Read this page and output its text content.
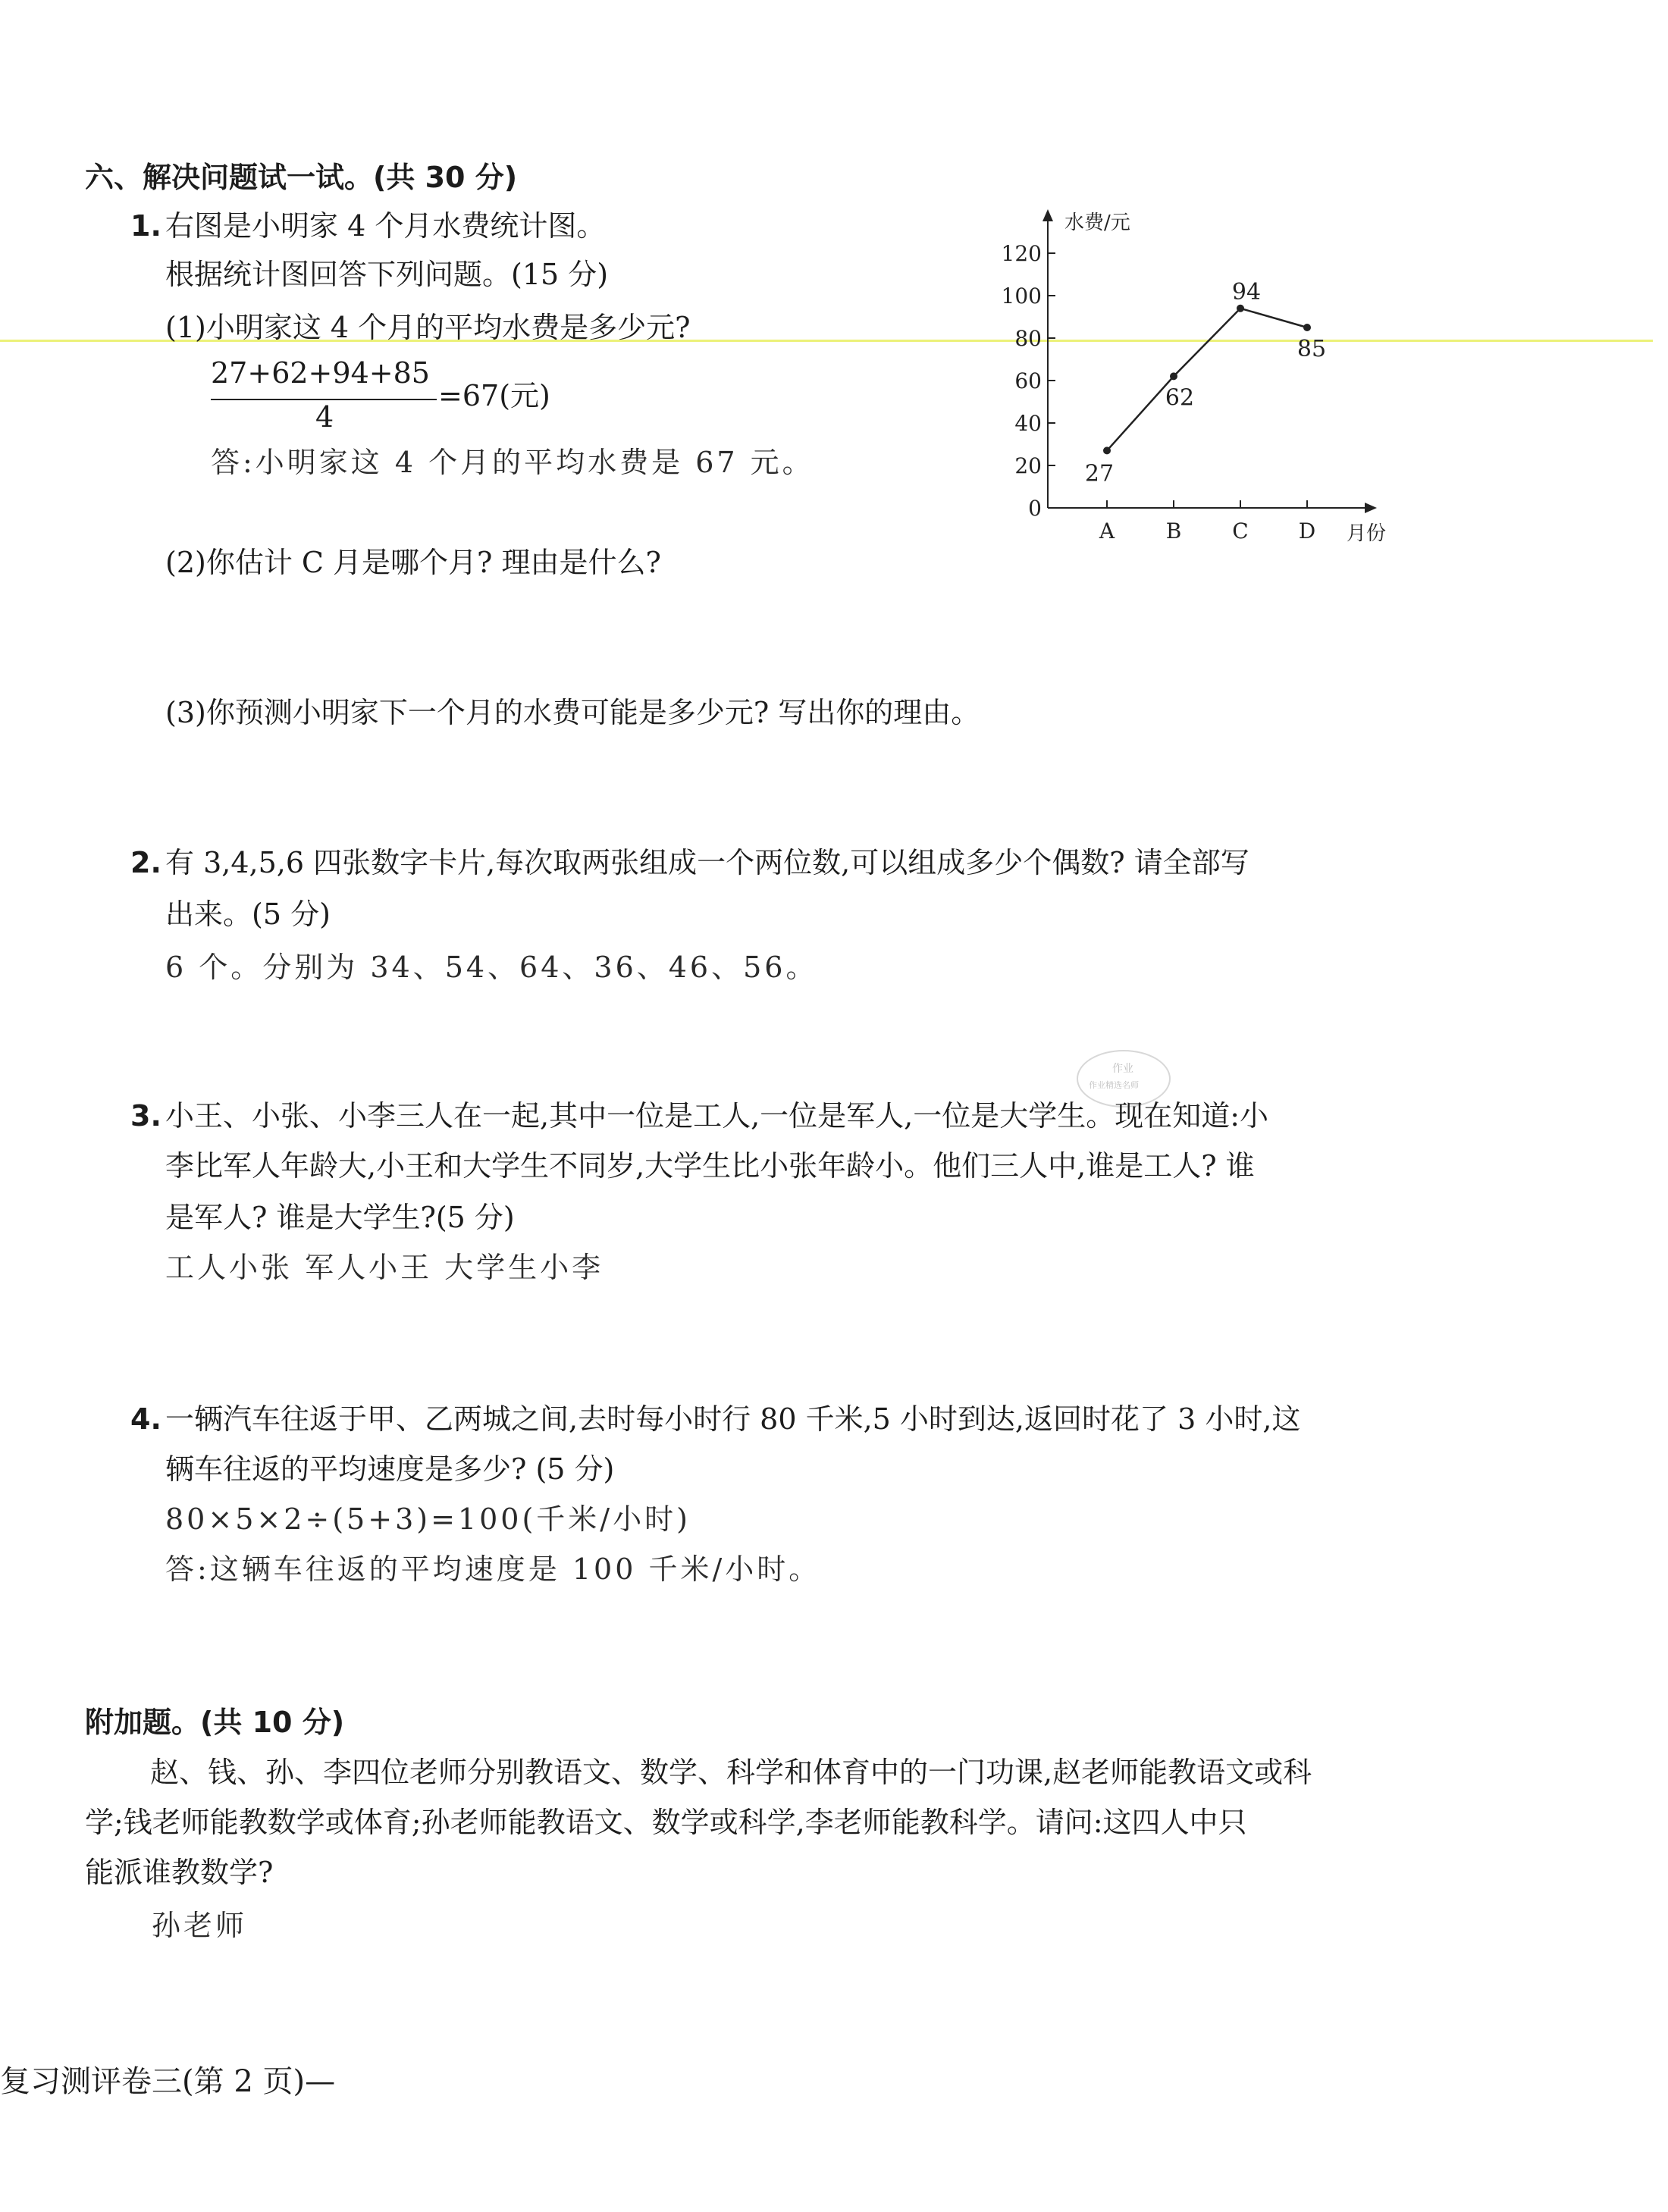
六、解决问题试一试。(共 30 分)
1. 右图是小明家 4 个月水费统计图。
根据统计图回答下列问题。(15 分)
(1)小明家这 4 个月的平均水费是多少元?
27+62+94+85
4
=67(元)
答:小明家这 4 个月的平均水费是 67 元。
(2)你估计 C 月是哪个月? 理由是什么?
(3)你预测小明家下一个月的水费可能是多少元? 写出你的理由。
水费/元
月份
0
20
40
60
80
100
120
A B C D
27
62
94
85
2. 有 3,4,5,6 四张数字卡片,每次取两张组成一个两位数,可以组成多少个偶数? 请全部写
出来。(5 分)
6 个。分别为 34、54、64、36、46、56。
作业
作业精选名师
3. 小王、小张、小李三人在一起,其中一位是工人,一位是军人,一位是大学生。现在知道:小
李比军人年龄大,小王和大学生不同岁,大学生比小张年龄小。他们三人中,谁是工人? 谁
是军人? 谁是大学生?(5 分)
工人小张 军人小王 大学生小李
4. 一辆汽车往返于甲、乙两城之间,去时每小时行 80 千米,5 小时到达,返回时花了 3 小时,这
辆车往返的平均速度是多少? (5 分)
80×5×2÷(5+3)=100(千米/小时)
答:这辆车往返的平均速度是 100 千米/小时。
附加题。(共 10 分)
赵、钱、孙、李四位老师分别教语文、数学、科学和体育中的一门功课,赵老师能教语文或科
学;钱老师能教数学或体育;孙老师能教语文、数学或科学,李老师能教科学。请问:这四人中只
能派谁教数学?
孙老师
复习测评卷三(第 2 页)—
